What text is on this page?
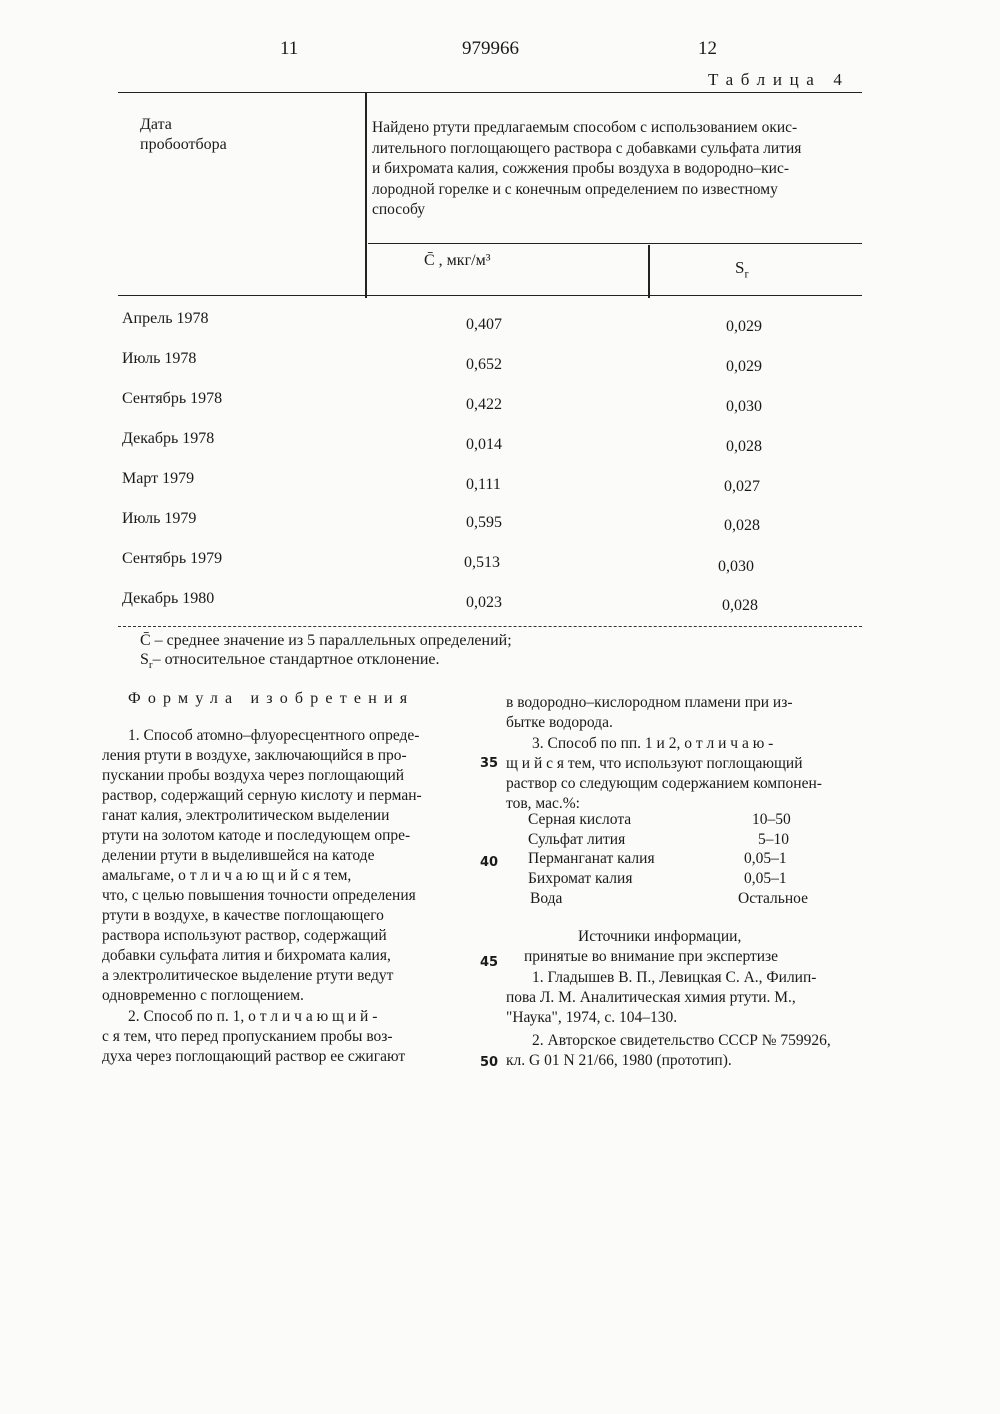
11	979966	12
Таблица 4
Дата
пробоотбора
Найдено ртути предлагаемым способом с использованием окис-
лительного поглощающего раствора с добавками сульфата лития
и бихромата калия, сожжения пробы воздуха в водородно–кис-
лородной горелке и с конечным определением по известному
способу
C̄ , мкг/м³	$S_r$
Апрель 1978	0,407	0,029
Июль 1978	0,652	0,029
Сентябрь 1978	0,422	0,030
Декабрь 1978	0,014	0,028
Март 1979	0,111	0,027
Июль 1979	0,595	0,028
Сентябрь 1979	0,513	0,030
Декабрь 1980	0,023	0,028
C̄ – среднее значение из 5 параллельных определений;
$S_r-$ относительное стандартное отклонение.
Формула изобретения

1. Способ атомно–флуоресцентного опреде-

ления ртути в воздухе, заключающийся в про-

пускании пробы воздуха через поглощающий

раствор, содержащий серную кислоту и перман-

ганат калия, электролитическом выделении

ртути на золотом катоде и последующем опре-

делении ртути в выделившейся на катоде

амальгаме, о т л и ч а ю щ и й с я тем,

что, с целью повышения точности определения

ртути в воздухе, в качестве поглощающего

раствора используют раствор, содержащий

добавки сульфата лития и бихромата калия,

а электролитическое выделение ртути ведут

одновременно с поглощением.

2. Способ по п. 1, о т л и ч а ю щ и й -

с я тем, что перед пропусканием пробы воз-

духа через поглощающий раствор ее сжигают

35
40
45
50

в водородно–кислородном пламени при из-

бытке водорода.

3. Способ по пп. 1 и 2, о т л и ч а ю -

щ и й с я тем, что используют поглощающий

раствор со следующим содержанием компонен-

тов, мас.%:

Серная кислота	10–50
Сульфат лития	5–10
Перманганат калия	0,05–1
Бихромат калия	0,05–1
Вода	Остальное
Источники информации,
принятые во внимание при экспертизе

1. Гладышев В. П., Левицкая С. А., Филип-

пова Л. М. Аналитическая химия ртути. М.,

"Наука", 1974, с. 104–130.

2. Авторское свидетельство СССР № 759926,

кл. G 01 N 21/66, 1980 (прототип).
